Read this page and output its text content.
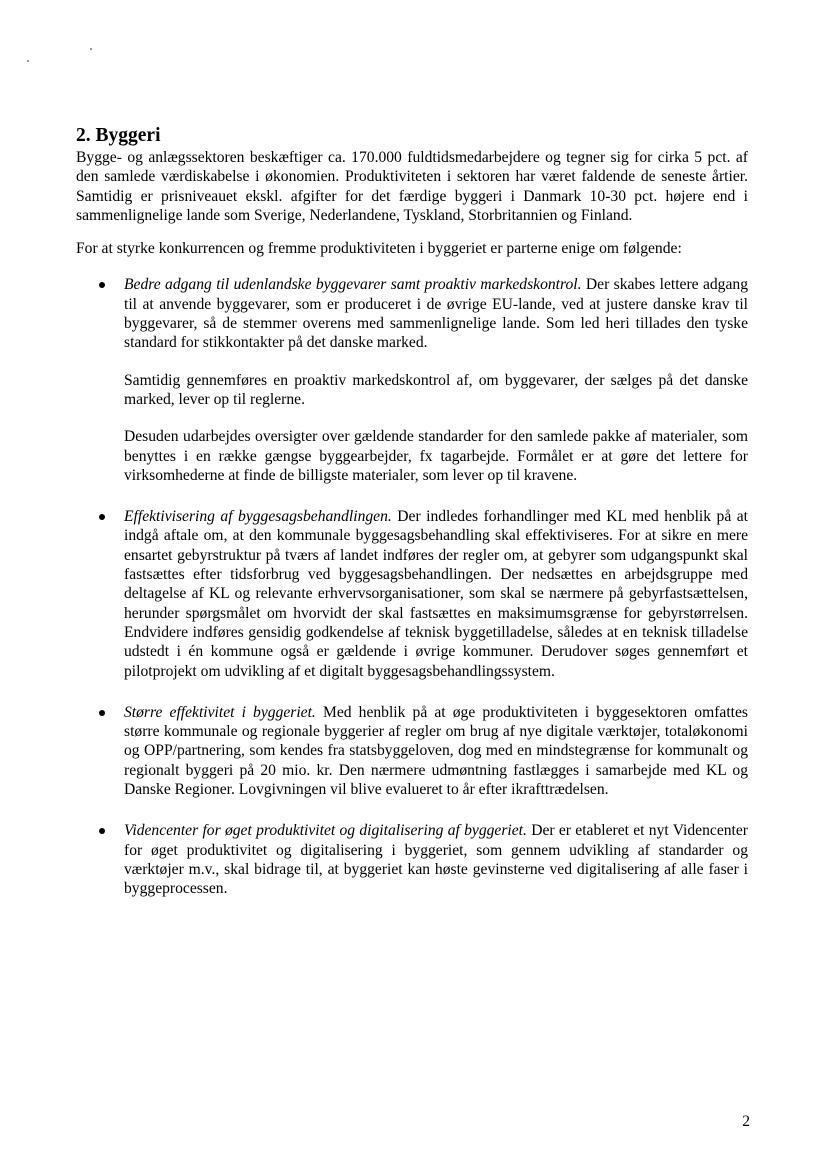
2. Byggeri

Bygge- og anlægssektoren beskæftiger ca. 170.000 fuldtidsmedarbejdere og tegner sig for cirka 5 pct. af den samlede værdiskabelse i økonomien. Produktiviteten i sektoren har været faldende de seneste årtier. Samtidig er prisniveauet ekskl. afgifter for det færdige byggeri i Danmark 10-30 pct. højere end i sammenlignelige lande som Sverige, Nederlandene, Tyskland, Storbritannien og Finland.

For at styrke konkurrencen og fremme produktiviteten i byggeriet er parterne enige om følgende:

Bedre adgang til udenlandske byggevarer samt proaktiv markedskontrol. Der skabes lettere adgang til at anvende byggevarer, som er produceret i de øvrige EU-lande, ved at justere danske krav til byggevarer, så de stemmer overens med sammenlignelige lande. Som led heri tillades den tyske standard for stikkontakter på det danske marked.

Samtidig gennemføres en proaktiv markedskontrol af, om byggevarer, der sælges på det danske marked, lever op til reglerne.

Desuden udarbejdes oversigter over gældende standarder for den samlede pakke af materialer, som benyttes i en række gængse byggearbejder, fx tagarbejde. Formålet er at gøre det lettere for virksomhederne at finde de billigste materialer, som lever op til kravene.

Effektivisering af byggesagsbehandlingen. Der indledes forhandlinger med KL med henblik på at indgå aftale om, at den kommunale byggesagsbehandling skal effektiviseres. For at sikre en mere ensartet gebyrstruktur på tværs af landet indføres der regler om, at gebyrer som udgangspunkt skal fastsættes efter tidsforbrug ved byggesagsbehandlingen. Der nedsættes en arbejdsgruppe med deltagelse af KL og relevante erhvervsorganisationer, som skal se nærmere på gebyrfastsættelsen, herunder spørgsmålet om hvorvidt der skal fastsættes en maksimumsgrænse for gebyrstørrelsen. Endvidere indføres gensidig godkendelse af teknisk byggetilladelse, således at en teknisk tilladelse udstedt i én kommune også er gældende i øvrige kommuner. Derudover søges gennemført et pilotprojekt om udvikling af et digitalt byggesagsbehandlingssystem.

Større effektivitet i byggeriet. Med henblik på at øge produktiviteten i byggesektoren omfattes større kommunale og regionale byggerier af regler om brug af nye digitale værktøjer, totaløkonomi og OPP/partnering, som kendes fra statsbyggeloven, dog med en mindstegrænse for kommunalt og regionalt byggeri på 20 mio. kr. Den nærmere udmøntning fastlægges i samarbejde med KL og Danske Regioner. Lovgivningen vil blive evalueret to år efter ikrafttrædelsen.

Videncenter for øget produktivitet og digitalisering af byggeriet. Der er etableret et nyt Videncenter for øget produktivitet og digitalisering i byggeriet, som gennem udvikling af standarder og værktøjer m.v., skal bidrage til, at byggeriet kan høste gevinsterne ved digitalisering af alle faser i byggeprocessen.

2
